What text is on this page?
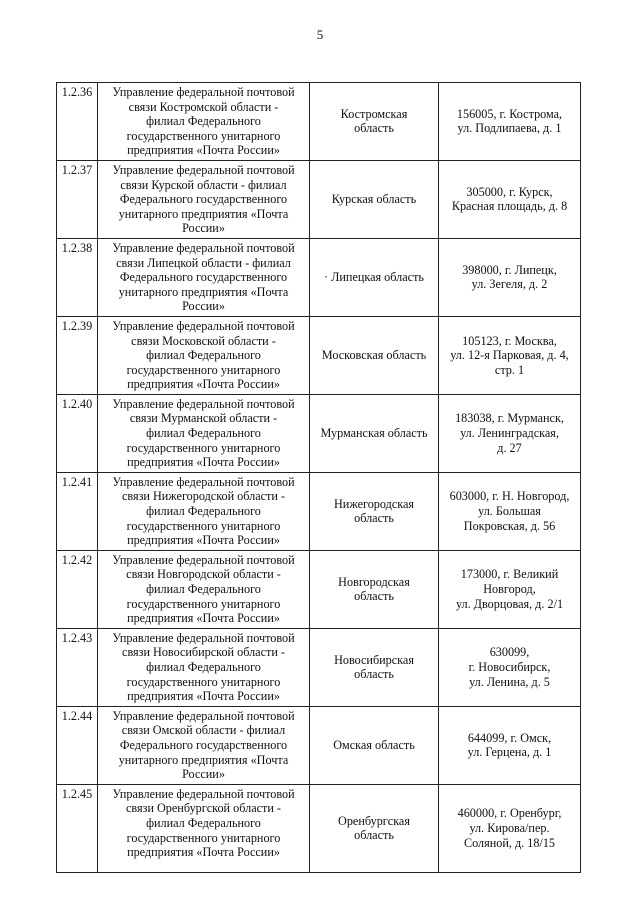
5
1.2.36	Управление федеральной почтовой
связи Костромской области -
филиал Федерального
государственного унитарного
предприятия «Почта России»	Костромская
область	156005, г. Кострома,
ул. Подлипаева, д. 1

1.2.37	Управление федеральной почтовой
связи Курской области - филиал
Федерального государственного
унитарного предприятия «Почта
России»	Курская область	305000, г. Курск,
Красная площадь, д. 8

1.2.38	Управление федеральной почтовой
связи Липецкой области - филиал
Федерального государственного
унитарного предприятия «Почта
России»	· Липецкая область	398000, г. Липецк,
ул. Зегеля, д. 2

1.2.39	Управление федеральной почтовой
связи Московской области -
филиал Федерального
государственного унитарного
предприятия «Почта России»	Московская область	105123, г. Москва,
ул. 12-я Парковая, д. 4,
стр. 1

1.2.40	Управление федеральной почтовой
связи Мурманской области -
филиал Федерального
государственного унитарного
предприятия «Почта России»	Мурманская область	183038, г. Мурманск,
ул. Ленинградская,
д. 27

1.2.41	Управление федеральной почтовой
связи Нижегородской области -
филиал Федерального
государственного унитарного
предприятия «Почта России»	Нижегородская
область	603000, г. Н. Новгород,
ул. Большая
Покровская, д. 56

1.2.42	Управление федеральной почтовой
связи Новгородской области -
филиал Федерального
государственного унитарного
предприятия «Почта России»	Новгородская
область	173000, г. Великий
Новгород,
ул. Дворцовая, д. 2/1

1.2.43	Управление федеральной почтовой
связи Новосибирской области -
филиал Федерального
государственного унитарного
предприятия «Почта России»	Новосибирская
область	630099,
г. Новосибирск,
ул. Ленина, д. 5

1.2.44	Управление федеральной почтовой
связи Омской области - филиал
Федерального государственного
унитарного предприятия «Почта
России»	Омская область	644099, г. Омск,
ул. Герцена, д. 1

1.2.45	Управление федеральной почтовой
связи Оренбургской области -
филиал Федерального
государственного унитарного
предприятия «Почта России»	Оренбургская
область	460000, г. Оренбург,
ул. Кирова/пер.
Соляной, д. 18/15
